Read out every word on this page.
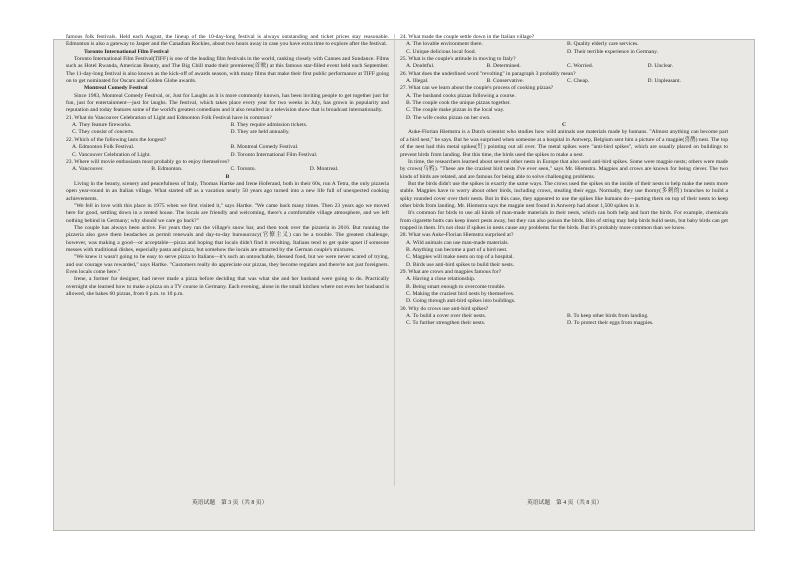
famous folk festivals. Held each August, the lineup of the 10-day-long festival is always outstanding and ticket prices stay reasonable. Edmonton is also a gateway to Jasper and the Canadian Rockies, about two hours away in case you have extra time to explore after the festival.

Toronto International Film Festival

Toronto International Film Festival(TIFF) is one of the leading film festivals in the world, ranking closely with Cannes and Sundance. Films such as Hotel Rwanda, American Beauty, and The Big Chill made their premieres(首映) at this famous star-filled event held each September. The 11-day-long festival is also known as the kick-off of awards season, with many films that make their first public performance at TIFF going on to get nominated for Oscars and Golden Globe awards.

Montreal Comedy Festival

Since 1983, Montreal Comedy Festival, or, Just for Laughs as it is more commonly known, has been inviting people to get together just for fun, just for entertainment—just for laughs. The festival, which takes place every year for two weeks in July, has grown in popularity and reputation and today features some of the world's greatest comedians and it also resulted in a television show that is broadcast internationally.

21. What do Vancouver Celebration of Light and Edmonton Folk Festival have in common?

A. They feature fireworks.	B. They require admission tickets.
C. They consist of concerts.	D. They are held annually.

22. Which of the following lasts the longest?

A. Edmonton Folk Festival.	B. Montreal Comedy Festival.
C. Vancouver Celebration of Light.	D. Toronto International Film Festival.

23. Where will movie enthusiasts most probably go to enjoy themselves?

A. Vancouver.	B. Edmonton.	C. Toronto.	D. Montreal.

B

Living in the beauty, scenery and peacefulness of Italy, Thomas Hartke and Irene Hoferand, both in their 60s, run A Tetra, the only pizzeria open year-round in an Italian village. What started off as a vacation nearly 50 years ago turned into a new life full of unexpected cooking achievements.

"We fell in love with this place in 1975 when we first visited it," says Hartke. "We came back many times. Then 23 years ago we moved here for good, settling down in a rented house. The locals are friendly and welcoming, there's a comfortable village atmosphere, and we left nothing behind in Germany; why should we care go back?"

The couple has always been active. For years they ran the village's snow bar, and then took over the pizzeria in 2016. But running the pizzeria also gave them headaches as permit renewals and day-to-day bureaucracy(官僚主义) can be a trouble. The greatest challenge, however, was making a good—or acceptable—pizza and hoping that locals didn't find it revolting. Italians tend to get quite upset if someone messes with traditional dishes, especially pasta and pizza, but somehow the locals are attracted by the German couple's mixtures.

"We knew it wasn't going to be easy to serve pizza to Italians—it's such an untouchable, blessed food, but we were never scared of trying, and our courage was rewarded," says Hartke. "Customers really do appreciate our pizzas, they become regulars and there're not just foreigners. Even locals come here."

Irene, a former fur designer, had never made a pizza before deciding that was what she and her husband were going to do. Practically overnight she learned how to make a pizza on a TV course in Germany. Each evening, alone in the small kitchen where not even her husband is allowed, she bakes 60 pizzas, from 6 p.m. to 10 p.m.

24. What made the couple settle down in the Italian village?

A. The lovable environment there.	B. Quality elderly care services.
C. Unique delicious local food.	D. Their terrible experience in Germany.

25. What is the couple's attitude in moving to Italy?

A. Doubtful.	B. Determined.	C. Worried.	D. Unclear.

26. What does the underlined word "revolting" in paragraph 3 probably mean?

A. Illegal.	B. Conservative.	C. Cheap.	D. Unpleasant.

27. What can we learn about the couple's process of cooking pizzas?

A. The husband cooks pizzas following a course.
B. The couple cook the unique pizzas together.
C. The couple make pizzas in the local way.
D. The wife cooks pizzas on her own.

C

Auke-Florian Hiemstra is a Dutch scientist who studies how wild animals use materials made by humans. "Almost anything can become part of a bird nest," he says. But he was surprised when someone at a hospital in Antwerp, Belgium sent him a picture of a magpie(喜鹊) nest. The top of the nest had thin metal spikes(钉) pointing out all over. The metal spikes were "anti-bird spikes", which are usually placed on buildings to prevent birds from landing. But this time, the birds used the spikes to make a nest.

In time, the researchers learned about several other nests in Europe that also used anti-bird spikes. Some were magpie nests; others were made by crows(乌鸦). "These are the craziest bird nests I've ever seen," says Mr. Hiemstra. Magpies and crows are known for being clever. The two kinds of birds are related, and are famous for being able to solve challenging problems.

But the birds didn't use the spikes in exactly the same ways. The crows used the spikes on the inside of their nests to help make the nests more stable. Magpies have to worry about other birds, including crows, stealing their eggs. Normally, they use thorny(多刺的) branches to build a spiky rounded cover over their nests. But in this case, they appeared to use the spikes like humans do—putting them on top of their nests to keep other birds from landing. Mr. Hiemstra says the magpie nest found in Antwerp had about 1,500 spikes in it.

It's common for birds to use all kinds of man-made materials in their nests, which can both help and hurt the birds. For example, chemicals from cigarette butts can keep insect pests away, but they can also poison the birds. Bits of string may help birds build nests, but baby birds can get trapped in them. It's not clear if spikes in nests cause any problems for the birds. But it's probably more common than we know.

28. What was Auke-Florian Hiemstra surprised at?

A. Wild animals can use man-made materials.
B. Anything can become a part of a bird nest.
C. Magpies will make nests on top of a hospital.
D. Birds use anti-bird spikes to build their nests.

29. What are crows and magpies famous for?

A. Having a close relationship.
B. Being smart enough to overcome trouble.
C. Making the craziest bird nests by themselves.
D. Going through anti-bird spikes into buildings.

30. Why do crows use anti-bird spikes?

A. To build a cover over their nests.	B. To keep other birds from landing.
C. To further strengthen their nests.	D. To protect their eggs from magpies.
英语试题　第 3 页（共 8 页）	英语试题　第 4 页（共 8 页）
